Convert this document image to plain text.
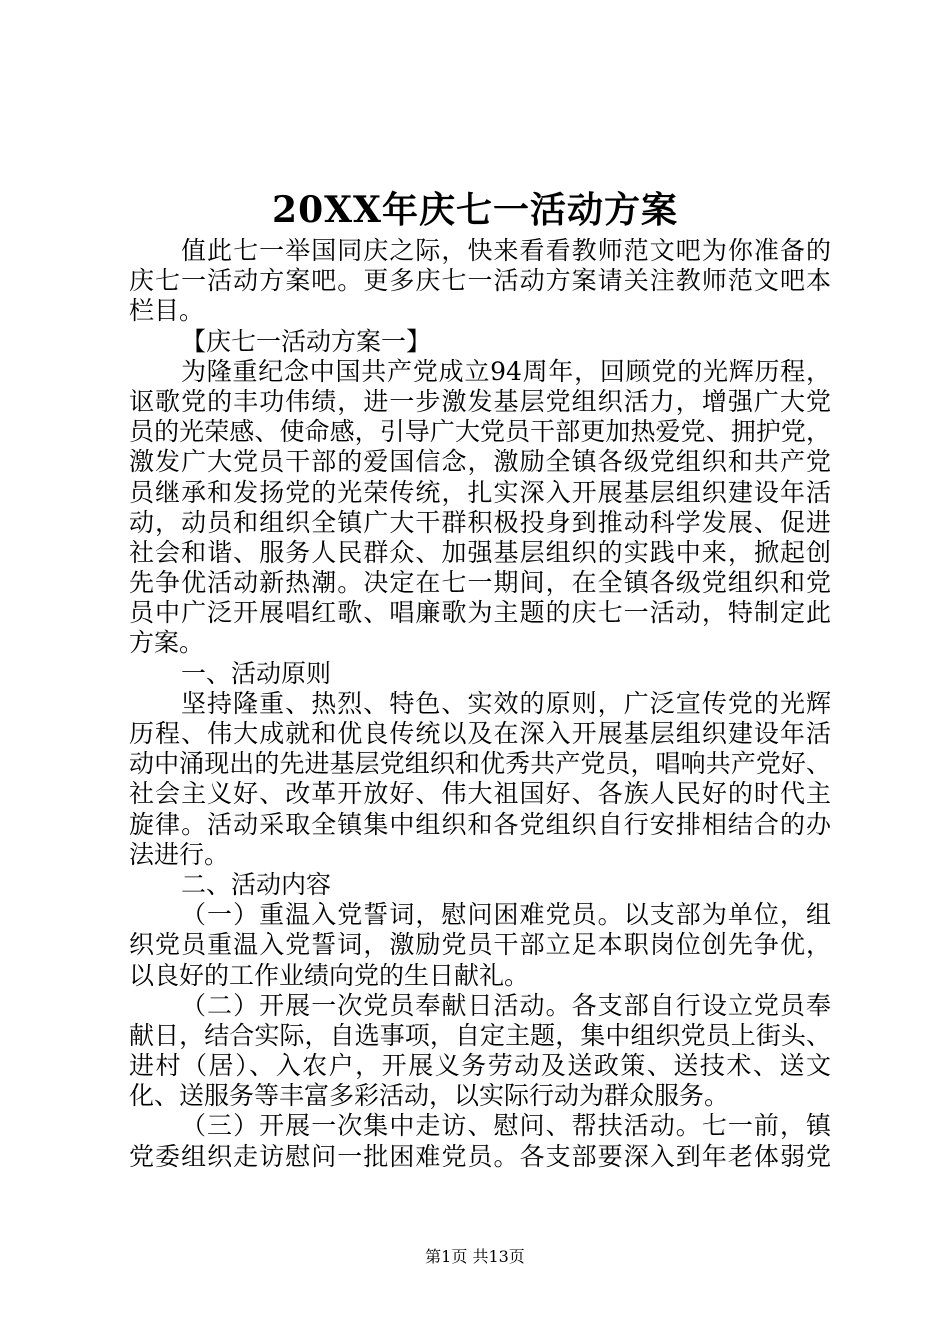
20XX年庆七一活动方案
值此七一举国同庆之际，快来看看教师范文吧为你准备的
庆七一活动方案吧。更多庆七一活动方案请关注教师范文吧本
栏目。
【庆七一活动方案一】
为隆重纪念中国共产党成立94周年，回顾党的光辉历程，
讴歌党的丰功伟绩，进一步激发基层党组织活力，增强广大党
员的光荣感、使命感，引导广大党员干部更加热爱党、拥护党，
激发广大党员干部的爱国信念，激励全镇各级党组织和共产党
员继承和发扬党的光荣传统，扎实深入开展基层组织建设年活
动，动员和组织全镇广大干群积极投身到推动科学发展、促进
社会和谐、服务人民群众、加强基层组织的实践中来，掀起创
先争优活动新热潮。决定在七一期间，在全镇各级党组织和党
员中广泛开展唱红歌、唱廉歌为主题的庆七一活动，特制定此
方案。
一、活动原则
坚持隆重、热烈、特色、实效的原则，广泛宣传党的光辉
历程、伟大成就和优良传统以及在深入开展基层组织建设年活
动中涌现出的先进基层党组织和优秀共产党员，唱响共产党好、
社会主义好、改革开放好、伟大祖国好、各族人民好的时代主
旋律。活动采取全镇集中组织和各党组织自行安排相结合的办
法进行。
二、活动内容
（一）重温入党誓词，慰问困难党员。以支部为单位，组
织党员重温入党誓词，激励党员干部立足本职岗位创先争优，
以良好的工作业绩向党的生日献礼。
（二）开展一次党员奉献日活动。各支部自行设立党员奉
献日，结合实际，自选事项，自定主题，集中组织党员上街头、
进村（居）、入农户，开展义务劳动及送政策、送技术、送文
化、送服务等丰富多彩活动，以实际行动为群众服务。
（三）开展一次集中走访、慰问、帮扶活动。七一前，镇
党委组织走访慰问一批困难党员。各支部要深入到年老体弱党
第1页 共13页
